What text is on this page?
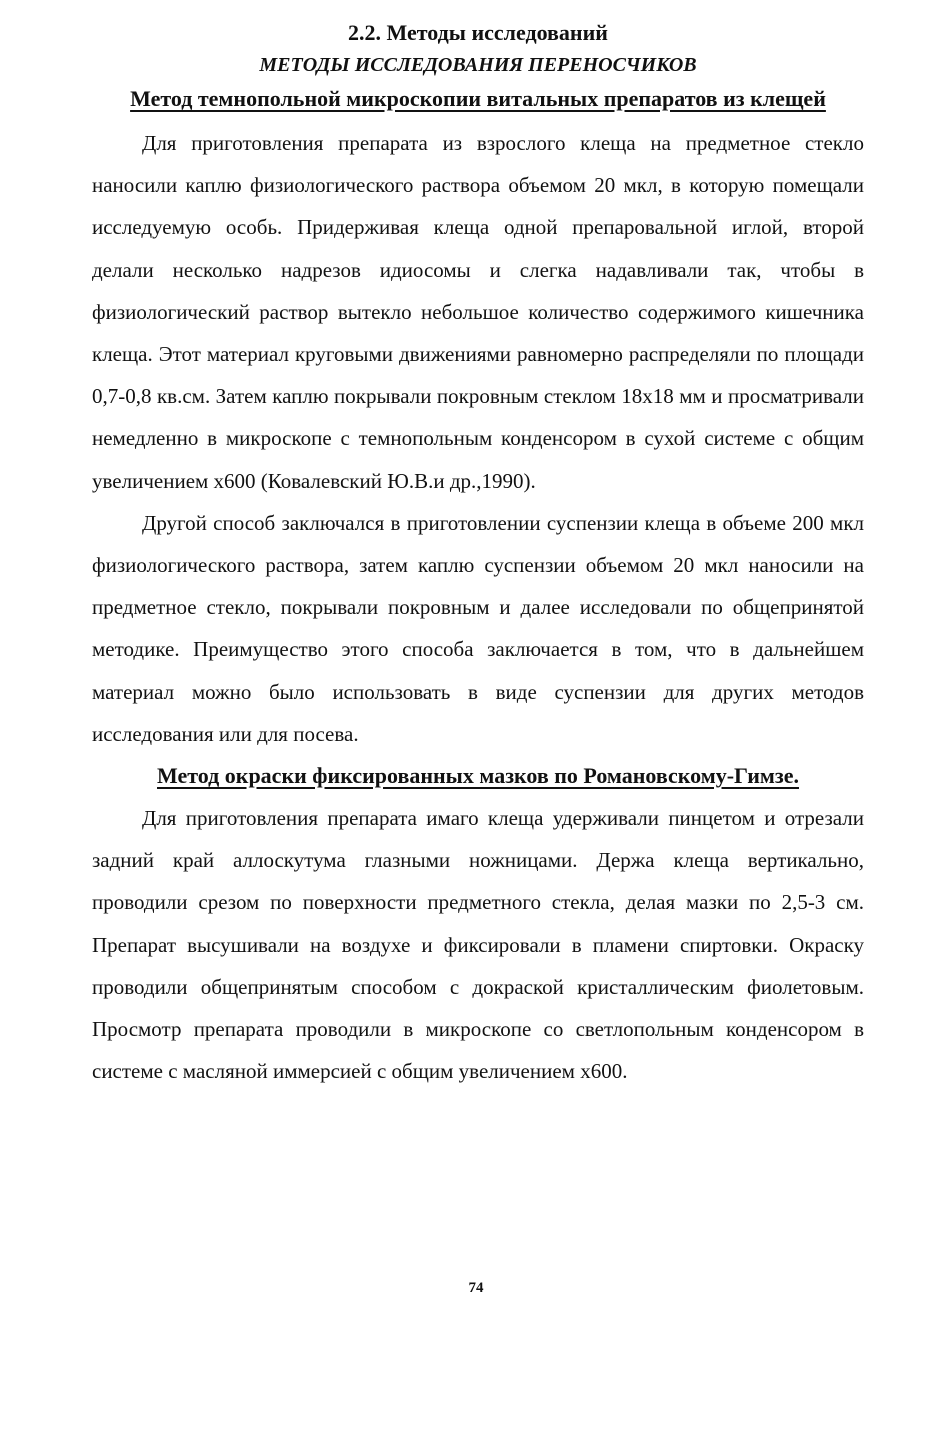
2.2. Методы исследований
МЕТОДЫ ИССЛЕДОВАНИЯ ПЕРЕНОСЧИКОВ
Метод темнопольной микроскопии витальных препаратов из клещей

Для приготовления препарата из взрослого клеща на предметное стекло наносили каплю физиологического раствора объемом 20 мкл, в которую помещали исследуемую особь. Придерживая клеща одной препаровальной иглой, второй делали несколько надрезов идиосомы и слегка надавливали так, чтобы в физиологический раствор вытекло небольшое количество содержимого кишечника клеща. Этот материал круговыми движениями равномерно распределяли по площади 0,7-0,8 кв.см. Затем каплю покрывали покровным стеклом 18х18 мм и просматривали немедленно в микроскопе с темнопольным конденсором в сухой системе с общим увеличением х600 (Ковалевский Ю.В.и др.,1990).

Другой способ заключался в приготовлении суспензии клеща в объеме 200 мкл физиологического раствора, затем каплю суспензии объемом 20 мкл наносили на предметное стекло, покрывали покровным и далее исследовали по общепринятой методике. Преимущество этого способа заключается в том, что в дальнейшем материал можно было использовать в виде суспензии для других методов исследования или для посева.

Метод окраски фиксированных мазков по Романовскому-Гимзе.

Для приготовления препарата имаго клеща удерживали пинцетом и отрезали задний край аллоскутума глазными ножницами. Держа клеща вертикально, проводили срезом по поверхности предметного стекла, делая мазки по 2,5-3 см. Препарат высушивали на воздухе и фиксировали в пламени спиртовки. Окраску проводили общепринятым способом с докраской кристаллическим фиолетовым. Просмотр препарата проводили в микроскопе со светлопольным конденсором в системе с масляной иммерсией с общим увеличением х600.

74
